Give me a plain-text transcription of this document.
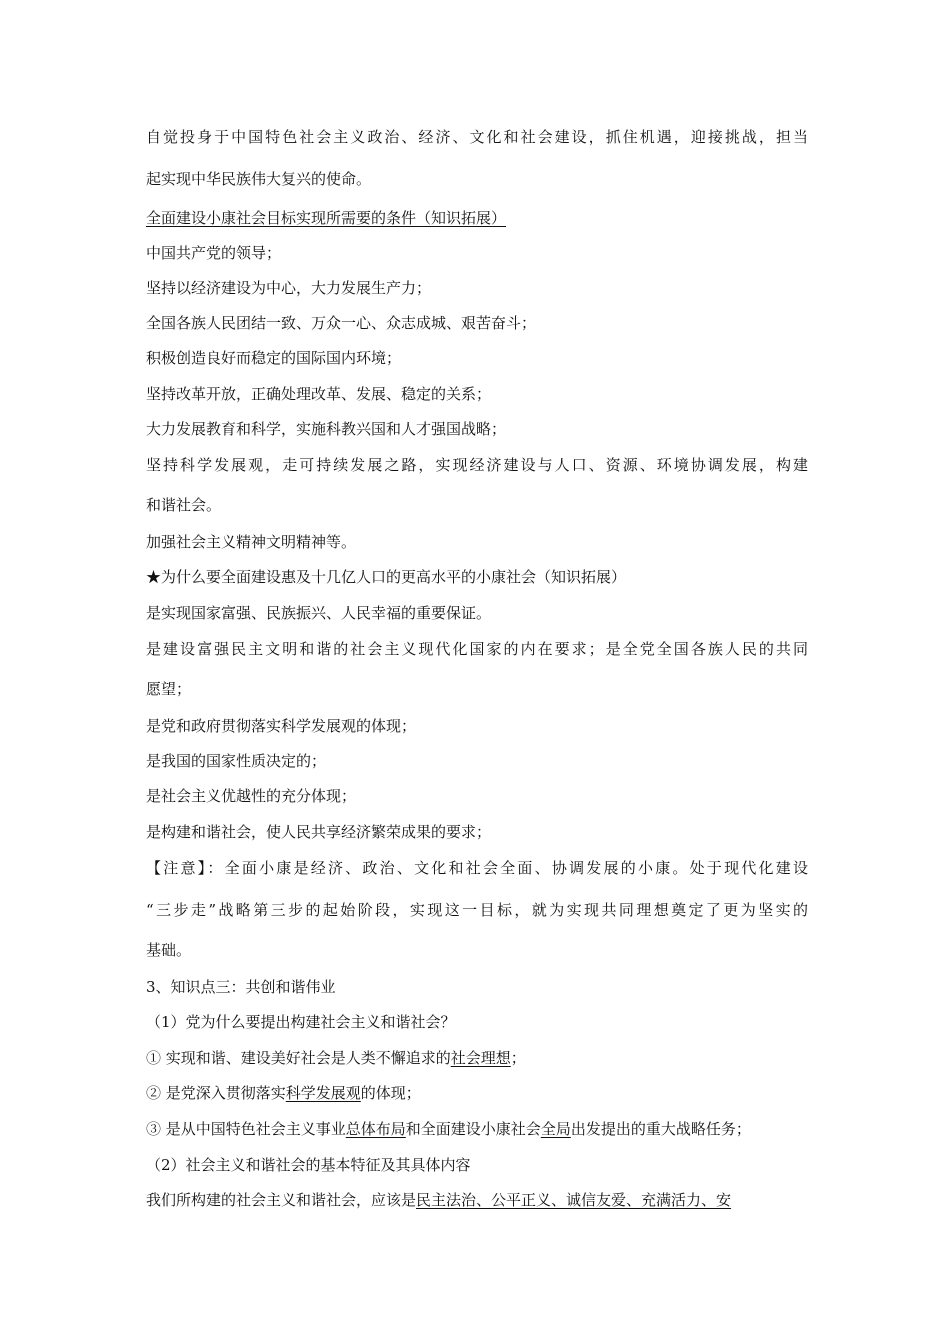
自觉投身于中国特色社会主义政治、经济、文化和社会建设，抓住机遇，迎接挑战，担当
起实现中华民族伟大复兴的使命。
全面建设小康社会目标实现所需要的条件（知识拓展）
中国共产党的领导；
坚持以经济建设为中心，大力发展生产力；
全国各族人民团结一致、万众一心、众志成城、艰苦奋斗；
积极创造良好而稳定的国际国内环境；
坚持改革开放，正确处理改革、发展、稳定的关系；
大力发展教育和科学，实施科教兴国和人才强国战略；
坚持科学发展观，走可持续发展之路，实现经济建设与人口、资源、环境协调发展，构建
和谐社会。
加强社会主义精神文明精神等。
★为什么要全面建设惠及十几亿人口的更高水平的小康社会（知识拓展）
是实现国家富强、民族振兴、人民幸福的重要保证。
是建设富强民主文明和谐的社会主义现代化国家的内在要求；是全党全国各族人民的共同
愿望；
是党和政府贯彻落实科学发展观的体现；
是我国的国家性质决定的；
是社会主义优越性的充分体现；
是构建和谐社会，使人民共享经济繁荣成果的要求；
【注意】：全面小康是经济、政治、文化和社会全面、协调发展的小康。处于现代化建设
“三步走”战略第三步的起始阶段，实现这一目标，就为实现共同理想奠定了更为坚实的
基础。
3、知识点三：共创和谐伟业
（1）党为什么要提出构建社会主义和谐社会？
① 实现和谐、建设美好社会是人类不懈追求的社会理想；
② 是党深入贯彻落实科学发展观的体现；
③ 是从中国特色社会主义事业总体布局和全面建设小康社会全局出发提出的重大战略任务；
（2）社会主义和谐社会的基本特征及其具体内容
我们所构建的社会主义和谐社会，应该是民主法治、公平正义、诚信友爱、充满活力、安
